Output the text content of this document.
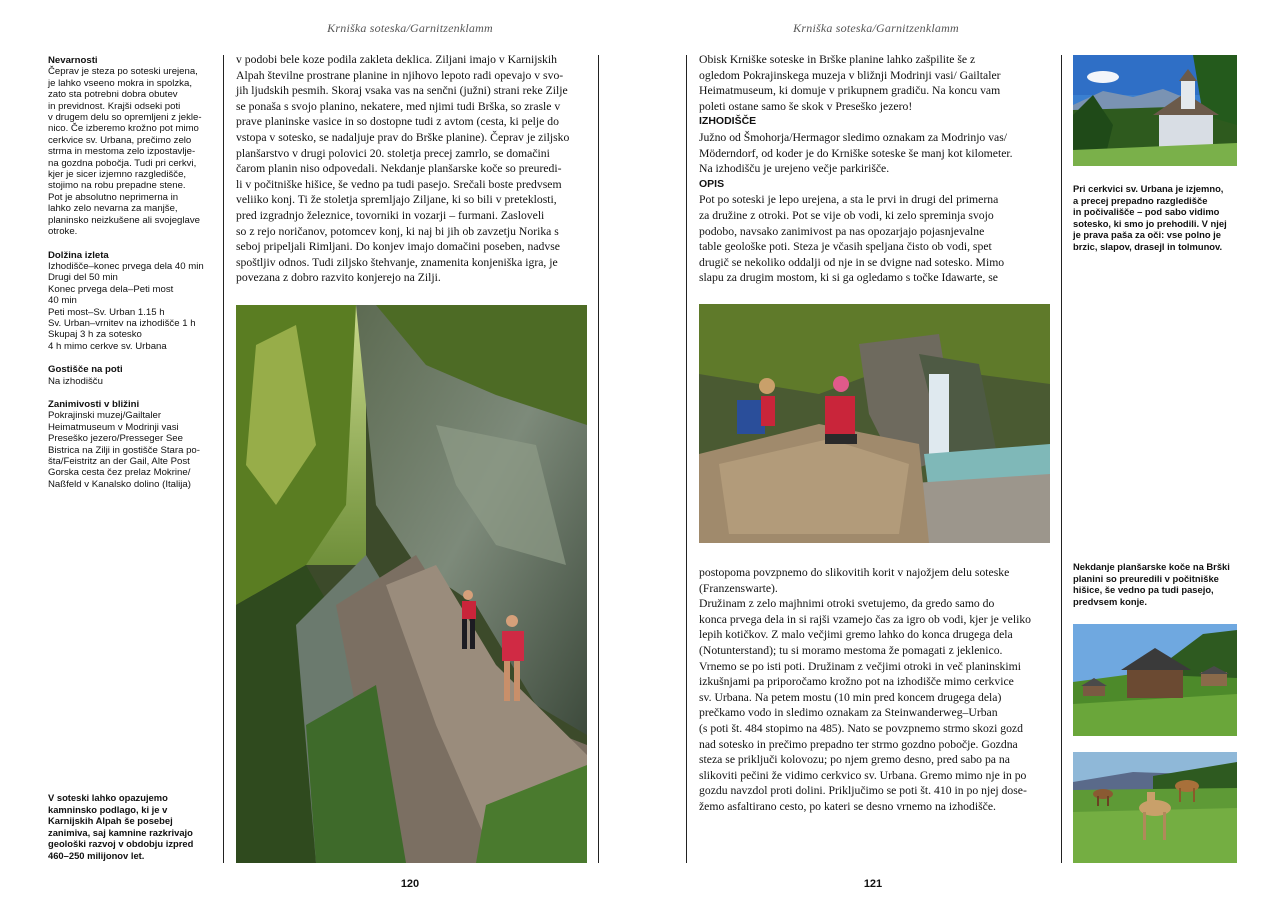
Krniška soteska/Garnitzenklamm	Krniška soteska/Garnitzenklamm
Nevarnosti

Čeprav je steza po soteski urejena,
je lahko vseeno mokra in spolzka,
zato sta potrebni dobra obutev
in previdnost. Krajši odseki poti
v drugem delu so opremljeni z jekle-
nico. Če izberemo krožno pot mimo
cerkvice sv. Urbana, prečimo zelo
strma in mestoma zelo izpostavlje-
na gozdna pobočja. Tudi pri cerkvi,
kjer je sicer izjemno razgledišče,
stojimo na robu prepadne stene.
Pot je absolutno neprimerna in
lahko zelo nevarna za manjše,
planinsko neizkušene ali svojeglave
otroke.

Dolžina izleta

Izhodišče–konec prvega dela 40 min
Drugi del 50 min
Konec prvega dela–Peti most
40 min
Peti most–Sv. Urban 1.15 h
Sv. Urban–vrnitev na izhodišče 1 h
Skupaj 3 h za sotesko
4 h mimo cerkve sv. Urbana

Gostišče na poti

Na izhodišču

Zanimivosti v bližini

Pokrajinski muzej/Gailtaler
Heimatmuseum v Modrinji vasi
Preseško jezero/Presseger See
Bistrica na Zilji in gostišče Stara po-
šta/Feistritz an der Gail, Alte Post
Gorska cesta čez prelaz Mokrine/
Naßfeld v Kanalsko dolino (Italija)

V soteski lahko opazujemo
kamninsko podlago, ki je v
Karnijskih Alpah še posebej
zanimiva, saj kamnine razkrivajo
geološki razvoj v obdobju izpred
460–250 milijonov let.

v podobi bele koze podila zakleta deklica. Ziljani imajo v Karnijskih

Alpah številne prostrane planine in njihovo lepoto radi opevajo v svo-

jih ljudskih pesmih. Skoraj vsaka vas na senčni (južni) strani reke Zilje

se ponaša s svojo planino, nekatere, med njimi tudi Brška, so zrasle v

prave planinske vasice in so dostopne tudi z avtom (cesta, ki pelje do

vstopa v sotesko, se nadaljuje prav do Brške planine). Čeprav je ziljsko

planšarstvo v drugi polovici 20. stoletja precej zamrlo, se domačini

čarom planin niso odpovedali. Nekdanje planšarske koče so preuredi-

li v počitniške hišice, še vedno pa tudi pasejo. Srečali boste predvsem

veliiko konj. Ti že stoletja spremljajo Ziljane, ki so bili v preteklosti,

pred izgradnjo železnice, tovorniki in vozarji – furmani. Zasloveli

so z rejo noričanov, potomcev konj, ki naj bi jih ob zavzetju Norika s

seboj pripeljali Rimljani. Do konjev imajo domačini poseben, nadvse

spoštljiv odnos. Tudi ziljsko štehvanje, znamenita konjeniška igra, je

povezana z dobro razvito konjerejo na Zilji.

Obisk Krniške soteske in Brške planine lahko zašpilite še z

ogledom Pokrajinskega muzeja v bližnji Modrinji vasi/ Gailtaler

Heimatmuseum, ki domuje v prikupnem gradiču. Na koncu vam

poleti ostane samo še skok v Preseško jezero!

IZHODIŠČE

Južno od Šmohorja/Hermagor sledimo oznakam za Modrinjo vas/

Möderndorf, od koder je do Krniške soteske še manj kot kilometer.

Na izhodišču je urejeno večje parkirišče.

OPIS

Pot po soteski je lepo urejena, a sta le prvi in drugi del primerna

za družine z otroki. Pot se vije ob vodi, ki zelo spreminja svojo

podobo, navsako zanimivost pa nas opozarjajo pojasnjevalne

table geološke poti. Steza je včasih speljana čisto ob vodi, spet

drugič se nekoliko oddalji od nje in se dvigne nad sotesko. Mimo

slapu za drugim mostom, ki si ga ogledamo s točke Idawarte, se

postopoma povzpnemo do slikovitih korit v najožjem delu soteske

(Franzenswarte).

Družinam z zelo majhnimi otroki svetujemo, da gredo samo do

konca prvega dela in si rajši vzamejo čas za igro ob vodi, kjer je veliko

lepih kotičkov. Z malo večjimi gremo lahko do konca drugega dela

(Notunterstand); tu si moramo mestoma že pomagati z jeklenico.

Vrnemo se po isti poti. Družinam z večjimi otroki in več planinskimi

izkušnjami pa priporočamo krožno pot na izhodišče mimo cerkvice

sv. Urbana. Na petem mostu (10 min pred koncem drugega dela)

prečkamo vodo in sledimo oznakam za Steinwanderweg–Urban

(s poti št. 484 stopimo na 485). Nato se povzpnemo strmo skozi gozd

nad sotesko in prečimo prepadno ter strmo gozdno pobočje. Gozdna

steza se priključi kolovozu; po njem gremo desno, pred sabo pa na

slikoviti pečini že vidimo cerkvico sv. Urbana. Gremo mimo nje in po

gozdu navzdol proti dolini. Priključimo se poti št. 410 in po njej dose-

žemo asfaltirano cesto, po kateri se desno vrnemo na izhodišče.

Pri cerkvici sv. Urbana je izjemno,
a precej prepadno razgledišče
in počivališče – pod sabo vidimo
sotesko, ki smo jo prehodili. V njej
je prava paša za oči: vse polno je
brzic, slapov, drasejl in tolmunov.
Nekdanje planšarske koče na Brški
planini so preuredili v počitniške
hišice, še vedno pa tudi pasejo,
predvsem konje.
120	121
